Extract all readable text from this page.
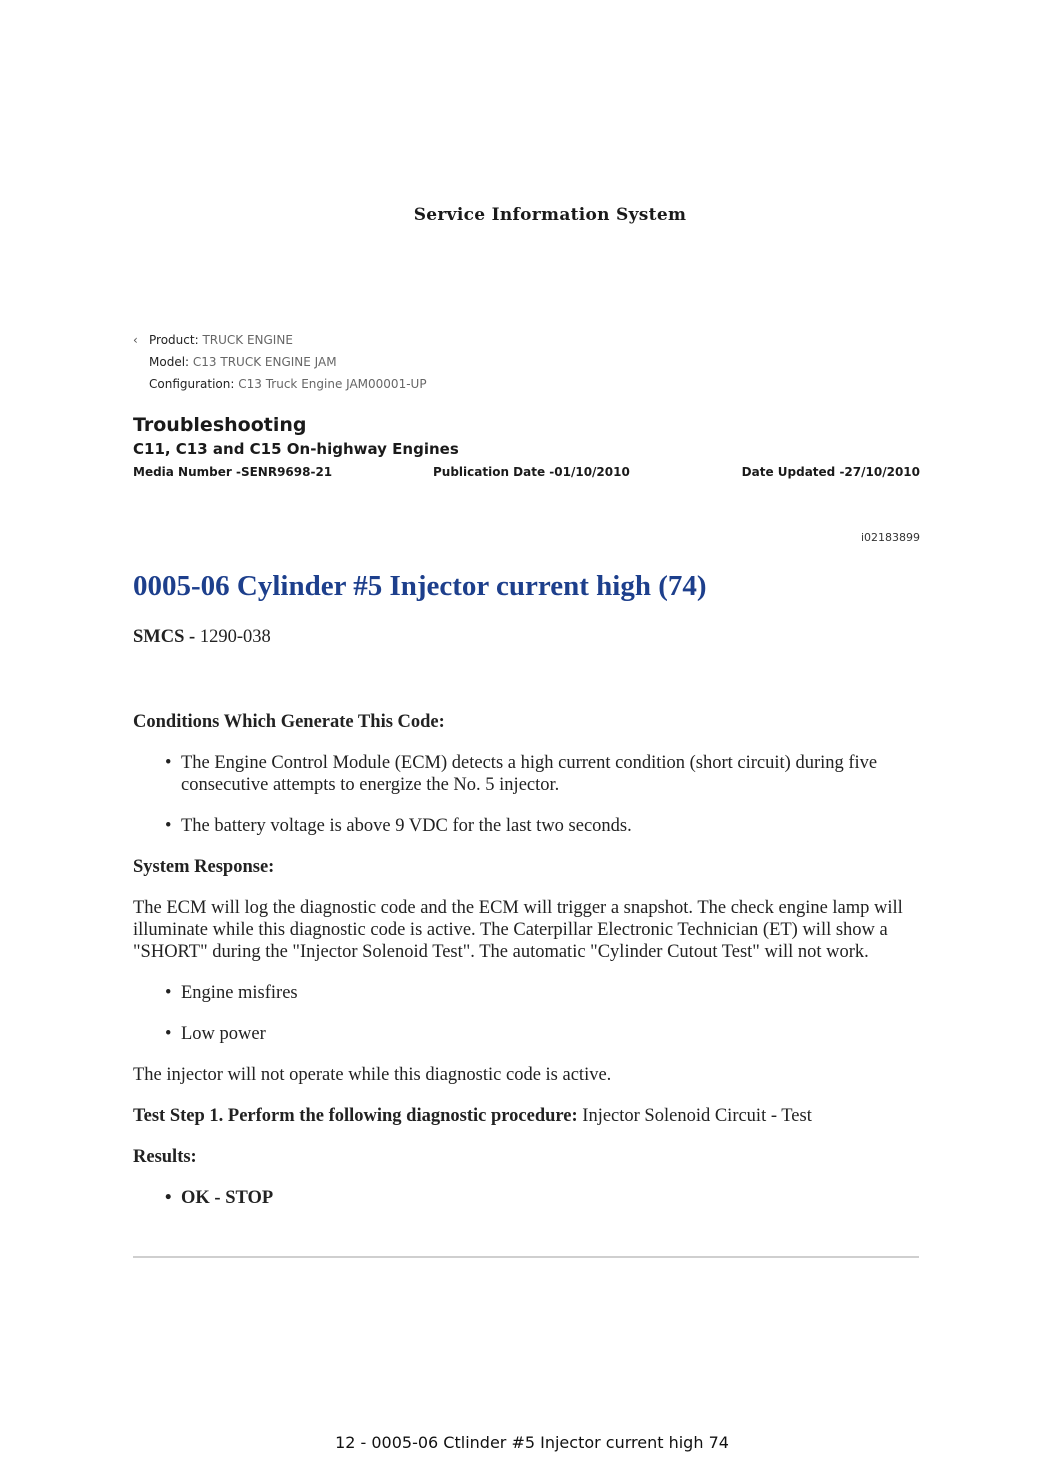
Service Information System
‹ Product: TRUCK ENGINE
Model: C13 TRUCK ENGINE JAM
Configuration: C13 Truck Engine JAM00001-UP
Troubleshooting
C11, C13 and C15 On-highway Engines
Media Number -SENR9698-21	Publication Date -01/10/2010	Date Updated -27/10/2010
i02183899
0005-06 Cylinder #5 Injector current high (74)

SMCS - 1290-038

Conditions Which Generate This Code:

• The Engine Control Module (ECM) detects a high current condition (short circuit) during five consecutive attempts to energize the No. 5 injector.
• The battery voltage is above 9 VDC for the last two seconds.

System Response:

The ECM will log the diagnostic code and the ECM will trigger a snapshot. The check engine lamp will illuminate while this diagnostic code is active. The Caterpillar Electronic Technician (ET) will show a "SHORT" during the "Injector Solenoid Test". The automatic "Cylinder Cutout Test" will not work.

• Engine misfires
• Low power

The injector will not operate while this diagnostic code is active.

Test Step 1. Perform the following diagnostic procedure: Injector Solenoid Circuit - Test

Results:

• OK - STOP
12 - 0005-06 Ctlinder #5 Injector current high 74
